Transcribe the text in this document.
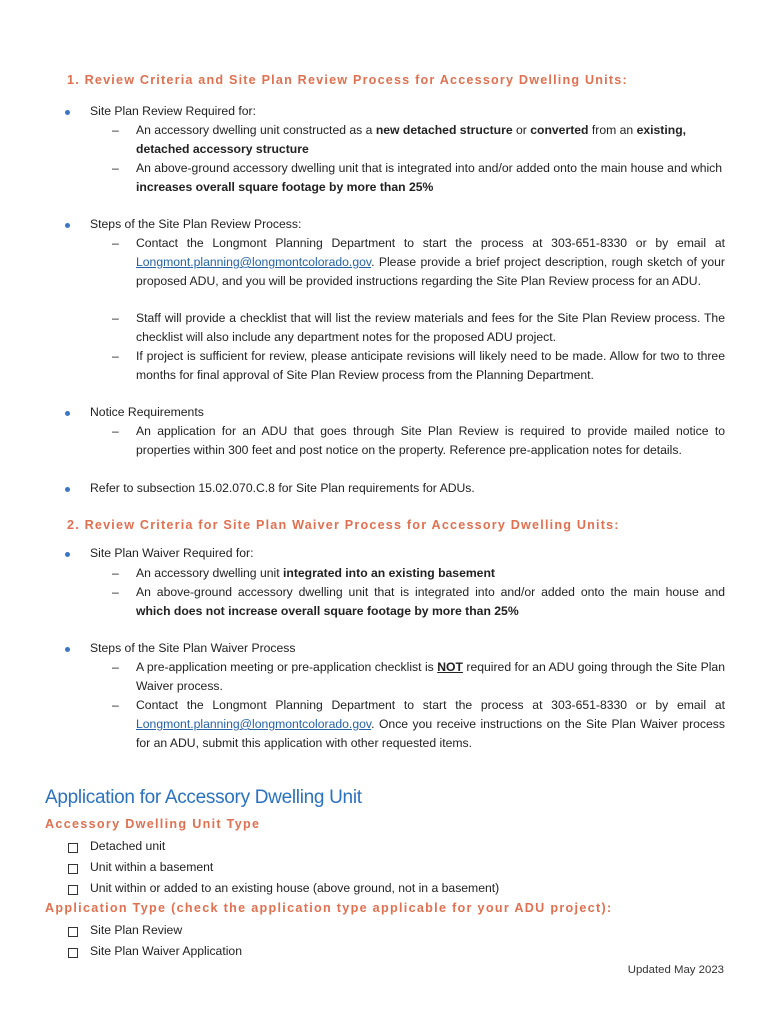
1. Review Criteria and Site Plan Review Process for Accessory Dwelling Units:
Site Plan Review Required for:
– An accessory dwelling unit constructed as a new detached structure or converted from an existing, detached accessory structure
– An above-ground accessory dwelling unit that is integrated into and/or added onto the main house and which increases overall square footage by more than 25%
Steps of the Site Plan Review Process:
– Contact the Longmont Planning Department to start the process at 303-651-8330 or by email at Longmont.planning@longmontcolorado.gov. Please provide a brief project description, rough sketch of your proposed ADU, and you will be provided instructions regarding the Site Plan Review process for an ADU.
– Staff will provide a checklist that will list the review materials and fees for the Site Plan Review process. The checklist will also include any department notes for the proposed ADU project.
– If project is sufficient for review, please anticipate revisions will likely need to be made. Allow for two to three months for final approval of Site Plan Review process from the Planning Department.
Notice Requirements
– An application for an ADU that goes through Site Plan Review is required to provide mailed notice to properties within 300 feet and post notice on the property. Reference pre-application notes for details.
Refer to subsection 15.02.070.C.8 for Site Plan requirements for ADUs.
2. Review Criteria for Site Plan Waiver Process for Accessory Dwelling Units:
Site Plan Waiver Required for:
– An accessory dwelling unit integrated into an existing basement
– An above-ground accessory dwelling unit that is integrated into and/or added onto the main house and which does not increase overall square footage by more than 25%
Steps of the Site Plan Waiver Process
– A pre-application meeting or pre-application checklist is NOT required for an ADU going through the Site Plan Waiver process.
– Contact the Longmont Planning Department to start the process at 303-651-8330 or by email at Longmont.planning@longmontcolorado.gov. Once you receive instructions on the Site Plan Waiver process for an ADU, submit this application with other requested items.
Application for Accessory Dwelling Unit
Accessory Dwelling Unit Type
Detached unit
Unit within a basement
Unit within or added to an existing house (above ground, not in a basement)
Application Type (check the application type applicable for your ADU project):
Site Plan Review
Site Plan Waiver Application
Updated May 2023
